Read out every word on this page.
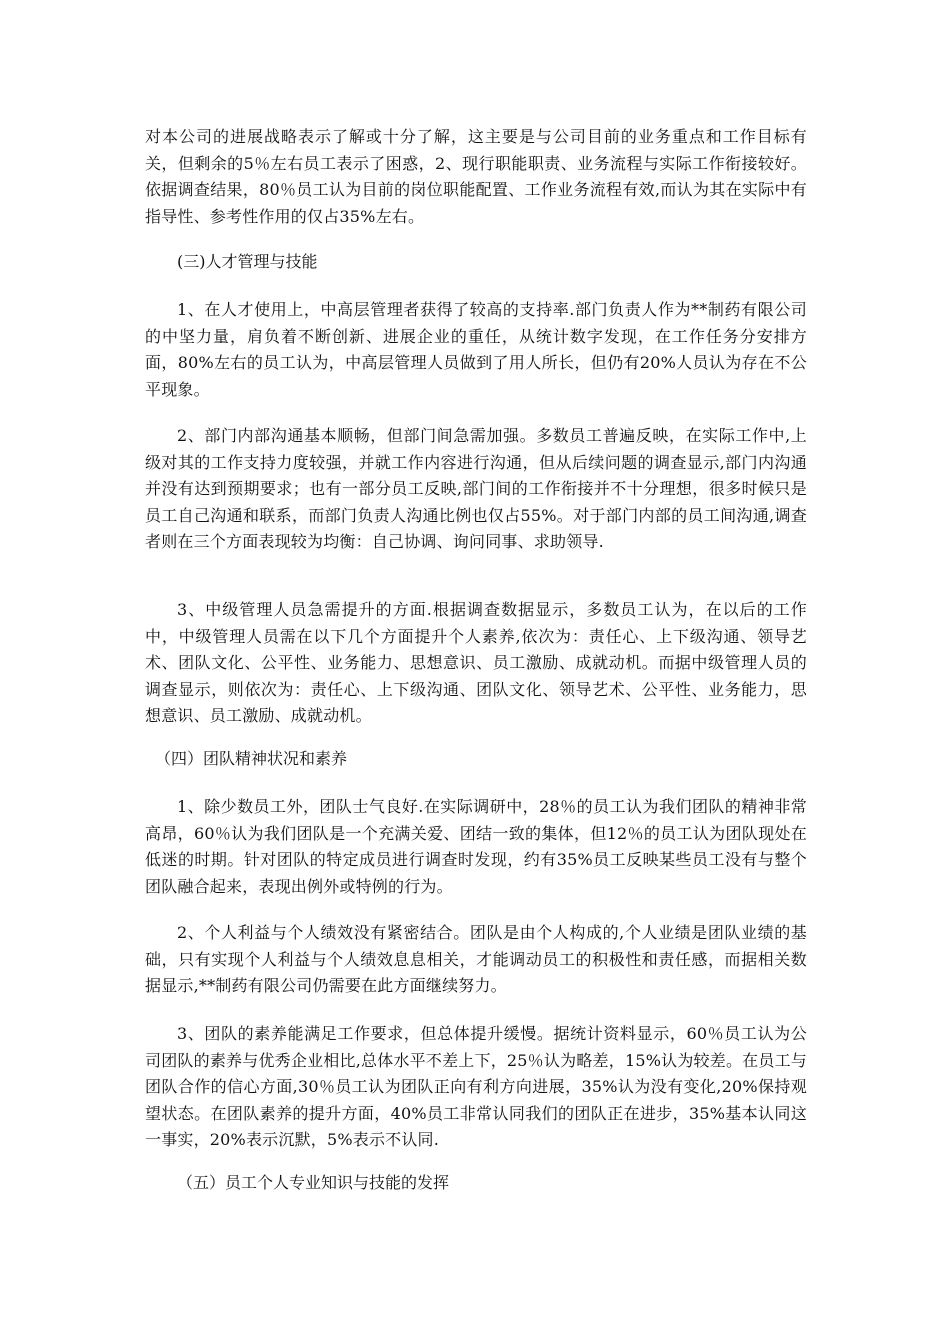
对本公司的进展战略表示了解或十分了解，这主要是与公司目前的业务重点和工作目标有关，但剩余的5％左右员工表示了困惑，2、现行职能职责、业务流程与实际工作衔接较好。依据调查结果，80％员工认为目前的岗位职能配置、工作业务流程有效,而认为其在实际中有指导性、参考性作用的仅占35%左右。

(三)人才管理与技能

1、在人才使用上，中高层管理者获得了较高的支持率.部门负责人作为**制药有限公司的中坚力量，肩负着不断创新、进展企业的重任，从统计数字发现，在工作任务分安排方面，80%左右的员工认为，中高层管理人员做到了用人所长，但仍有20%人员认为存在不公平现象。

2、部门内部沟通基本顺畅，但部门间急需加强。多数员工普遍反映，在实际工作中,上级对其的工作支持力度较强，并就工作内容进行沟通，但从后续问题的调查显示,部门内沟通并没有达到预期要求；也有一部分员工反映,部门间的工作衔接并不十分理想，很多时候只是员工自己沟通和联系，而部门负责人沟通比例也仅占55%。对于部门内部的员工间沟通,调查者则在三个方面表现较为均衡：自己协调、询问同事、求助领导.

3、中级管理人员急需提升的方面.根据调查数据显示，多数员工认为，在以后的工作中，中级管理人员需在以下几个方面提升个人素养,依次为：责任心、上下级沟通、领导艺术、团队文化、公平性、业务能力、思想意识、员工激励、成就动机。而据中级管理人员的调查显示，则依次为：责任心、上下级沟通、团队文化、领导艺术、公平性、业务能力，思想意识、员工激励、成就动机。

（四）团队精神状况和素养

1、除少数员工外，团队士气良好.在实际调研中，28％的员工认为我们团队的精神非常高昂，60％认为我们团队是一个充满关爱、团结一致的集体，但12％的员工认为团队现处在低迷的时期。针对团队的特定成员进行调查时发现，约有35%员工反映某些员工没有与整个团队融合起来，表现出例外或特例的行为。

2、个人利益与个人绩效没有紧密结合。团队是由个人构成的,个人业绩是团队业绩的基础，只有实现个人利益与个人绩效息息相关，才能调动员工的积极性和责任感，而据相关数据显示,**制药有限公司仍需要在此方面继续努力。

3、团队的素养能满足工作要求，但总体提升缓慢。据统计资料显示，60％员工认为公司团队的素养与优秀企业相比,总体水平不差上下，25％认为略差，15%认为较差。在员工与团队合作的信心方面,30％员工认为团队正向有利方向进展，35%认为没有变化,20%保持观望状态。在团队素养的提升方面，40%员工非常认同我们的团队正在进步，35%基本认同这一事实，20%表示沉默，5%表示不认同.

（五）员工个人专业知识与技能的发挥
